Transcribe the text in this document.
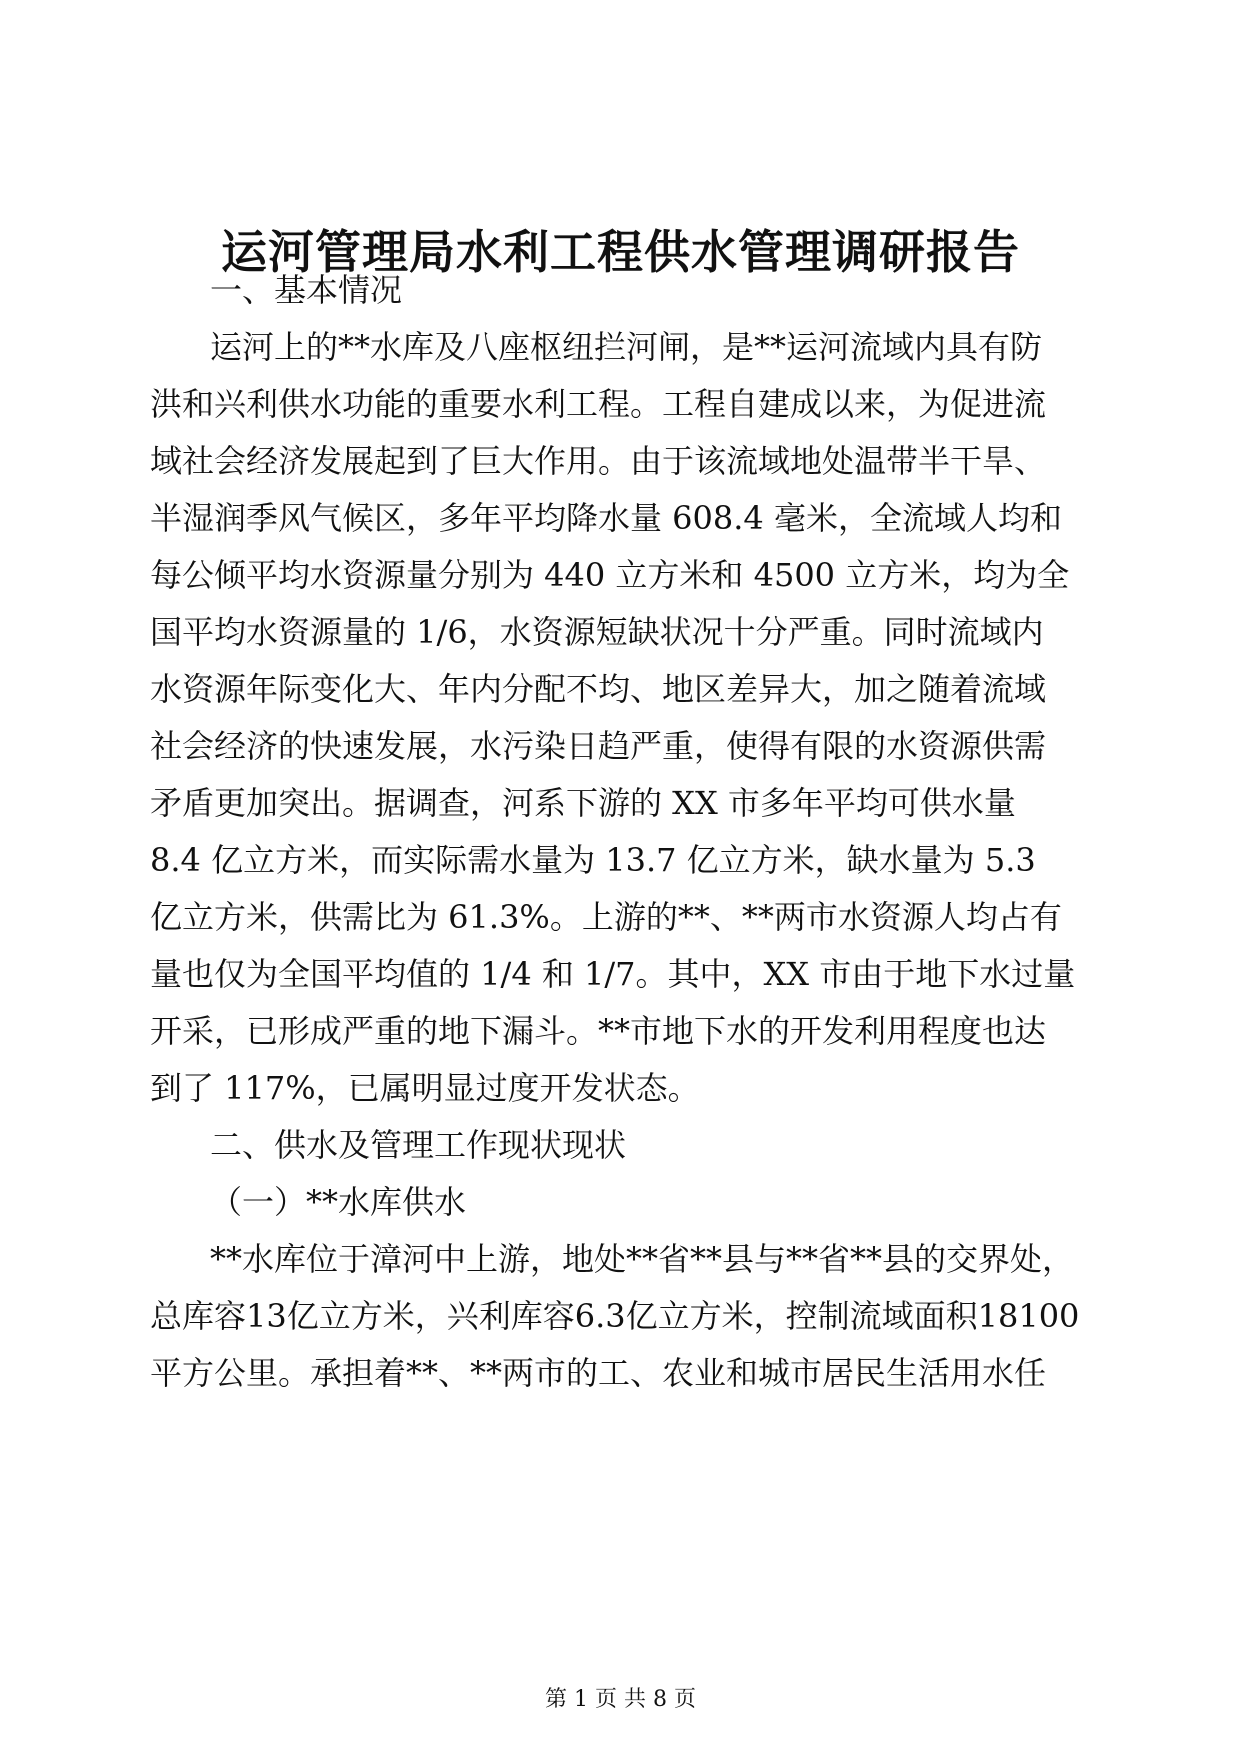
运河管理局水利工程供水管理调研报告

一、基本情况

运河上的**水库及八座枢纽拦河闸，是**运河流域内具有防

洪和兴利供水功能的重要水利工程。工程自建成以来，为促进流

域社会经济发展起到了巨大作用。由于该流域地处温带半干旱、

半湿润季风气候区，多年平均降水量 608.4 毫米，全流域人均和

每公倾平均水资源量分别为 440 立方米和 4500 立方米，均为全

国平均水资源量的 1/6，水资源短缺状况十分严重。同时流域内

水资源年际变化大、年内分配不均、地区差异大，加之随着流域

社会经济的快速发展，水污染日趋严重，使得有限的水资源供需

矛盾更加突出。据调查，河系下游的 XX 市多年平均可供水量

8.4 亿立方米，而实际需水量为 13.7 亿立方米，缺水量为 5.3

亿立方米，供需比为 61.3%。上游的**、**两市水资源人均占有

量也仅为全国平均值的 1/4 和 1/7。其中，XX 市由于地下水过量

开采，已形成严重的地下漏斗。**市地下水的开发利用程度也达

到了 117%，已属明显过度开发状态。

二、供水及管理工作现状现状

（一）**水库供水

**水库位于漳河中上游，地处**省**县与**省**县的交界处，

总库容13亿立方米，兴利库容6.3亿立方米，控制流域面积18100

平方公里。承担着**、**两市的工、农业和城市居民生活用水任

第 1 页 共 8 页
